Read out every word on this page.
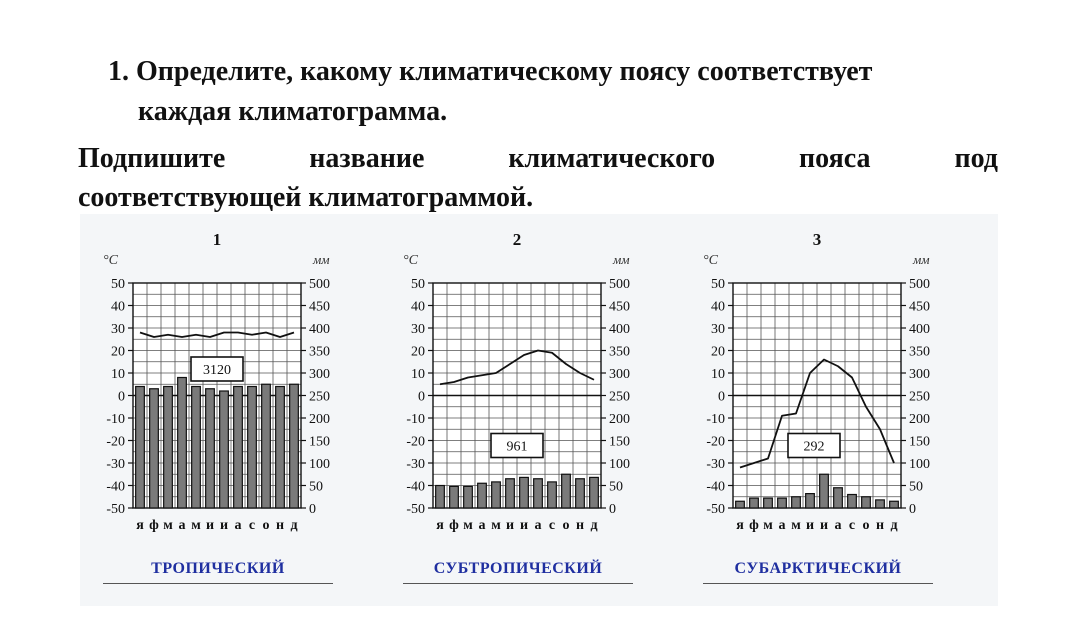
1. Определите, какому климатическому поясу соответствует
каждая климатограмма.
Подпишите	название	климатического	пояса	под
соответствующей климатограммой.
50
40
30
20
10
0
-10
-20
-30
-40
-50
500
450
400
350
300
250
200
150
100
50
0
°C	мм
1
3120
я ф м а м и и а с о н д
50
40
30
20
10
0
-10
-20
-30
-40
-50
500
450
400
350
300
250
200
150
100
50
0
°C	мм
2
961
я ф м а м и и а с о н д
50
40
30
20
10
0
-10
-20
-30
-40
-50
500
450
400
350
300
250
200
150
100
50
0
°C	мм
3
292
я ф м а м и и а с о н д
ТРОПИЧЕСКИЙ	СУБТРОПИЧЕСКИЙ	СУБАРКТИЧЕСКИЙ
